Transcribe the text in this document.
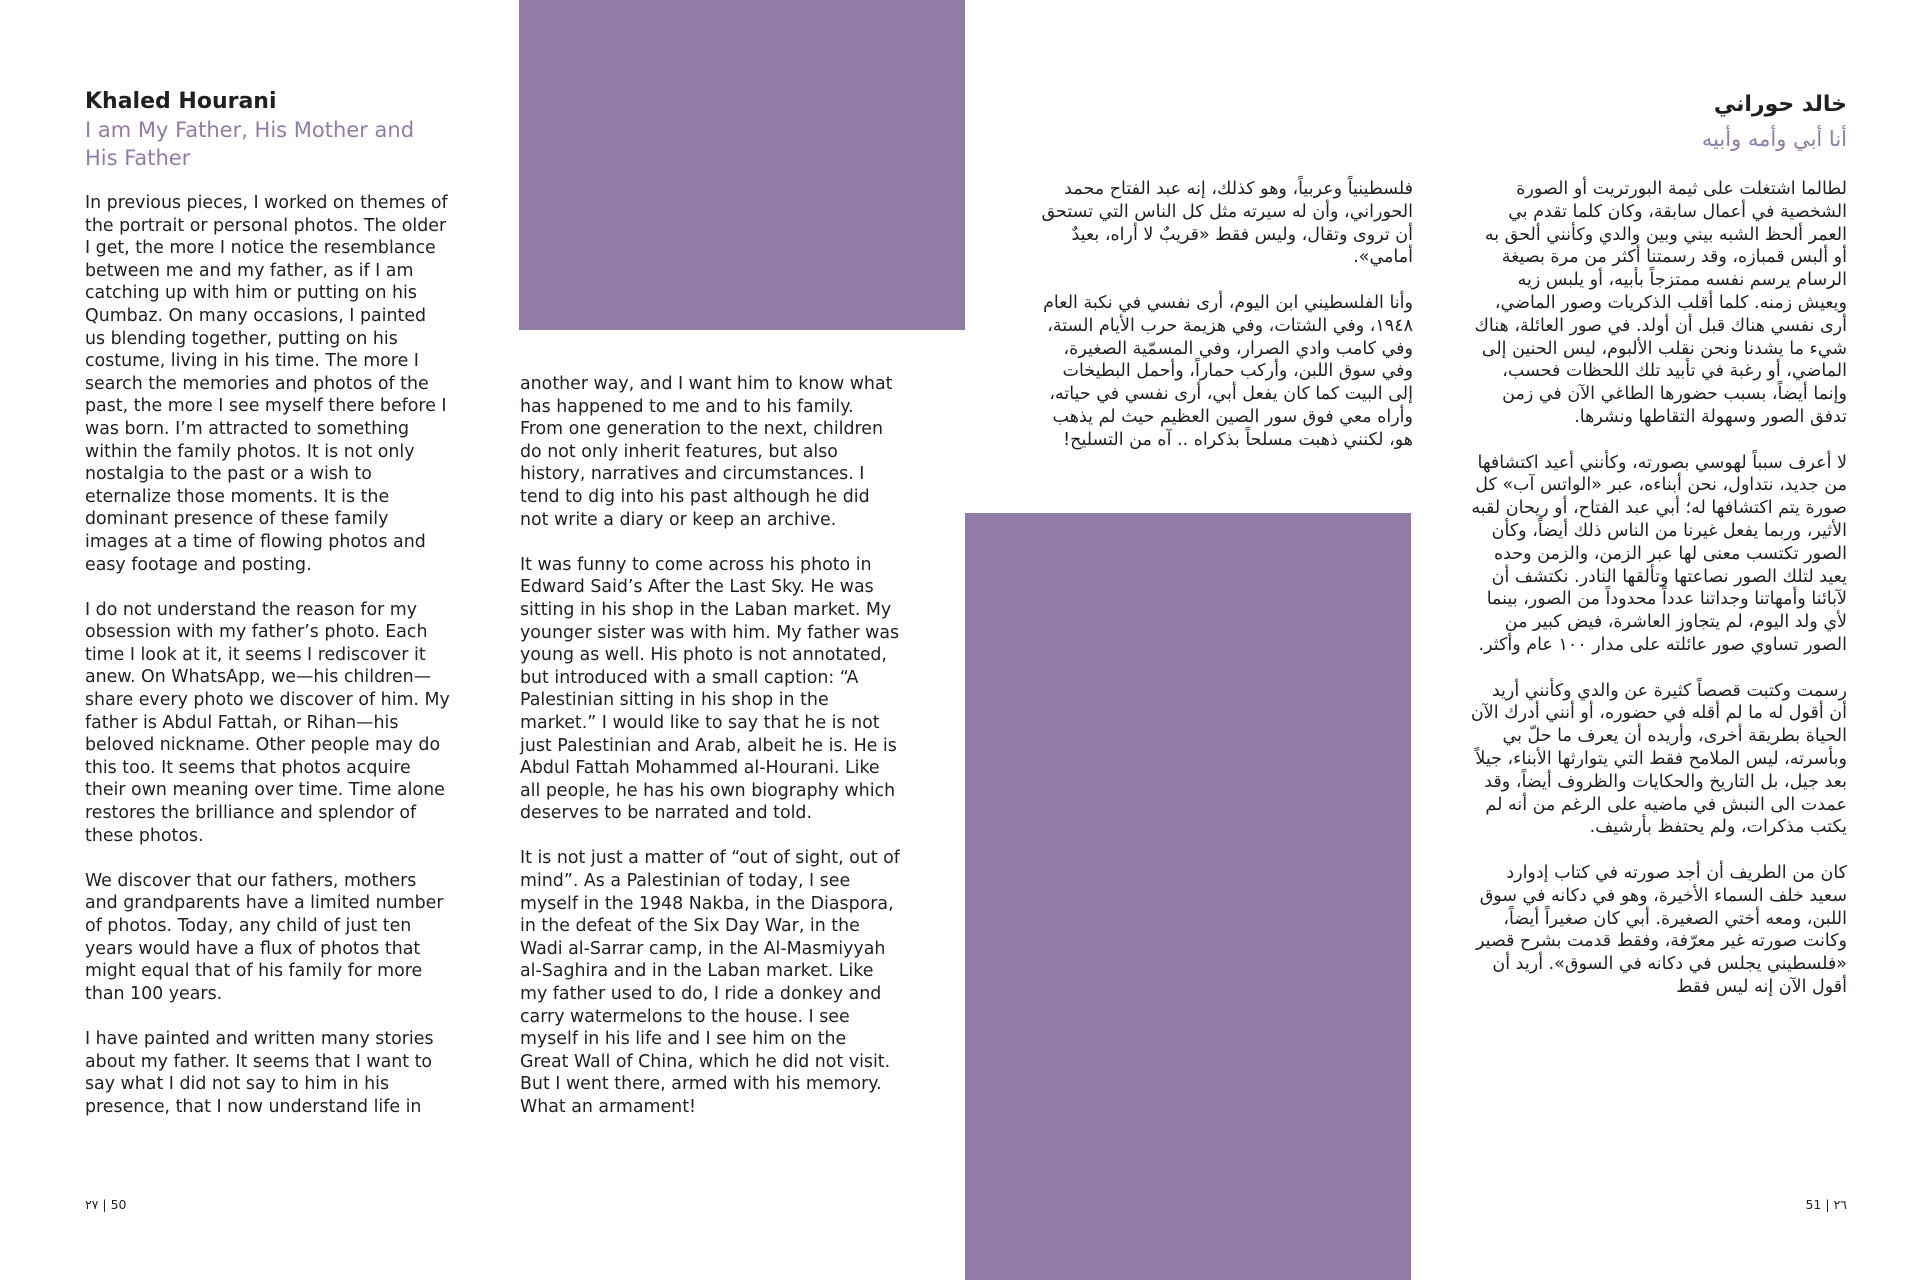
Khaled Hourani
I am My Father, His Mother and His Father

In previous pieces, I worked on themes of the portrait or personal photos. The older I get, the more I notice the resemblance between me and my father, as if I am catching up with him or putting on his Qumbaz. On many occasions, I painted us blending together, putting on his costume, living in his time. The more I search the memories and photos of the past, the more I see myself there before I was born. I’m attracted to something within the family photos. It is not only nostalgia to the past or a wish to eternalize those moments. It is the dominant presence of these family images at a time of flowing photos and easy footage and posting.

I do not understand the reason for my obsession with my father’s photo. Each time I look at it, it seems I rediscover it anew. On WhatsApp, we—his children—share every photo we discover of him. My father is Abdul Fattah, or Rihan—his beloved nickname. Other people may do this too. It seems that photos acquire their own meaning over time. Time alone restores the brilliance and splendor of these photos.

We discover that our fathers, mothers and grandparents have a limited number of photos. Today, any child of just ten years would have a flux of photos that might equal that of his family for more than 100 years.

I have painted and written many stories about my father. It seems that I want to say what I did not say to him in his presence, that I now understand life in

another way, and I want him to know what has happened to me and to his family. From one generation to the next, children do not only inherit features, but also history, narratives and circumstances. I tend to dig into his past although he did not write a diary or keep an archive.

It was funny to come across his photo in Edward Said’s After the Last Sky. He was sitting in his shop in the Laban market. My younger sister was with him. My father was young as well. His photo is not annotated, but introduced with a small caption: “A Palestinian sitting in his shop in the market.” I would like to say that he is not just Palestinian and Arab, albeit he is. He is Abdul Fattah Mohammed al-Hourani. Like all people, he has his own biography which deserves to be narrated and told.

It is not just a matter of “out of sight, out of mind”. As a Palestinian of today, I see myself in the 1948 Nakba, in the Diaspora, in the defeat of the Six Day War, in the Wadi al-Sarrar camp, in the Al-Masmiyyah al-Saghira and in the Laban market. Like my father used to do, I ride a donkey and carry watermelons to the house. I see myself in his life and I see him on the Great Wall of China, which he did not visit. But I went there, armed with his memory. What an armament!

٢٧ | 50
خالد حوراني
أنا أبي وأمه وأبيه

لطالما اشتغلت على ثيمة البورتريت أو الصورة الشخصية في أعمال سابقة، وكان كلما تقدم بي العمر ألحظ الشبه بيني وبين والدي وكأنني ألحق به أو ألبس قمبازه، وقد رسمتنا أكثر من مرة بصيغة الرسام يرسم نفسه ممتزجاً بأبيه، أو يلبس زيه ويعيش زمنه. كلما أقلب الذكريات وصور الماضي، أرى نفسي هناك قبل أن أولد. في صور العائلة، هناك شيء ما يشدنا ونحن نقلب الألبوم، ليس الحنين إلى الماضي، أو رغبة في تأبيد تلك اللحظات فحسب، وإنما أيضاً، بسبب حضورها الطاغي الآن في زمن تدفق الصور وسهولة التقاطها ونشرها.

لا أعرف سبباً لهوسي بصورته، وكأنني أعيد اكتشافها من جديد، نتداول، نحن أبناءه، عبر «الواتس آب» كل صورة يتم اكتشافها له؛ أبي عبد الفتاح، أو ريحان لقبه الأثير، وربما يفعل غيرنا من الناس ذلك أيضاً، وكأن الصور تكتسب معنى لها عبر الزمن، والزمن وحده يعيد لتلك الصور نصاعتها وتألقها النادر. نكتشف أن لآبائنا وأمهاتنا وجداتنا عدداً محدوداً من الصور، بينما لأي ولد اليوم، لم يتجاوز العاشرة، فيض كبير من الصور تساوي صور عائلته على مدار ١٠٠ عام وأكثر.

رسمت وكتبت قصصاً كثيرة عن والدي وكأنني أريد أن أقول له ما لم أقله في حضوره، أو أنني أدرك الآن الحياة بطريقة أخرى، وأريده أن يعرف ما حلّ بي وبأسرته، ليس الملامح فقط التي يتوارثها الأبناء، جيلاً بعد جيل، بل التاريخ والحكايات والظروف أيضاً، وقد عمدت الى النبش في ماضيه على الرغم من أنه لم يكتب مذكرات، ولم يحتفظ بأرشيف.

كان من الطريف أن أجد صورته في كتاب إدوارد سعيد خلف السماء الأخيرة، وهو في دكانه في سوق اللبن، ومعه أختي الصغيرة. أبي كان صغيراً أيضاً، وكانت صورته غير معرّفة، وفقط قدمت بشرح قصير «فلسطيني يجلس في دكانه في السوق». أريد أن أقول الآن إنه ليس فقط

فلسطينياً وعربياً، وهو كذلك، إنه عبد الفتاح محمد الحوراني، وأن له سيرته مثل كل الناس التي تستحق أن تروى وتقال، وليس فقط «قريبٌ لا أراه، بعيدٌ أمامي».

وأنا الفلسطيني ابن اليوم، أرى نفسي في نكبة العام ١٩٤٨، وفي الشتات، وفي هزيمة حرب الأيام الستة، وفي كامب وادي الصرار، وفي المسمّية الصغيرة، وفي سوق اللبن، وأركب حماراً، وأحمل البطيخات إلى البيت كما كان يفعل أبي، أرى نفسي في حياته، وأراه معي فوق سور الصين العظيم حيث لم يذهب هو، لكنني ذهبت مسلحاً بذكراه .. آه من التسليح!

51 | ٢٦
